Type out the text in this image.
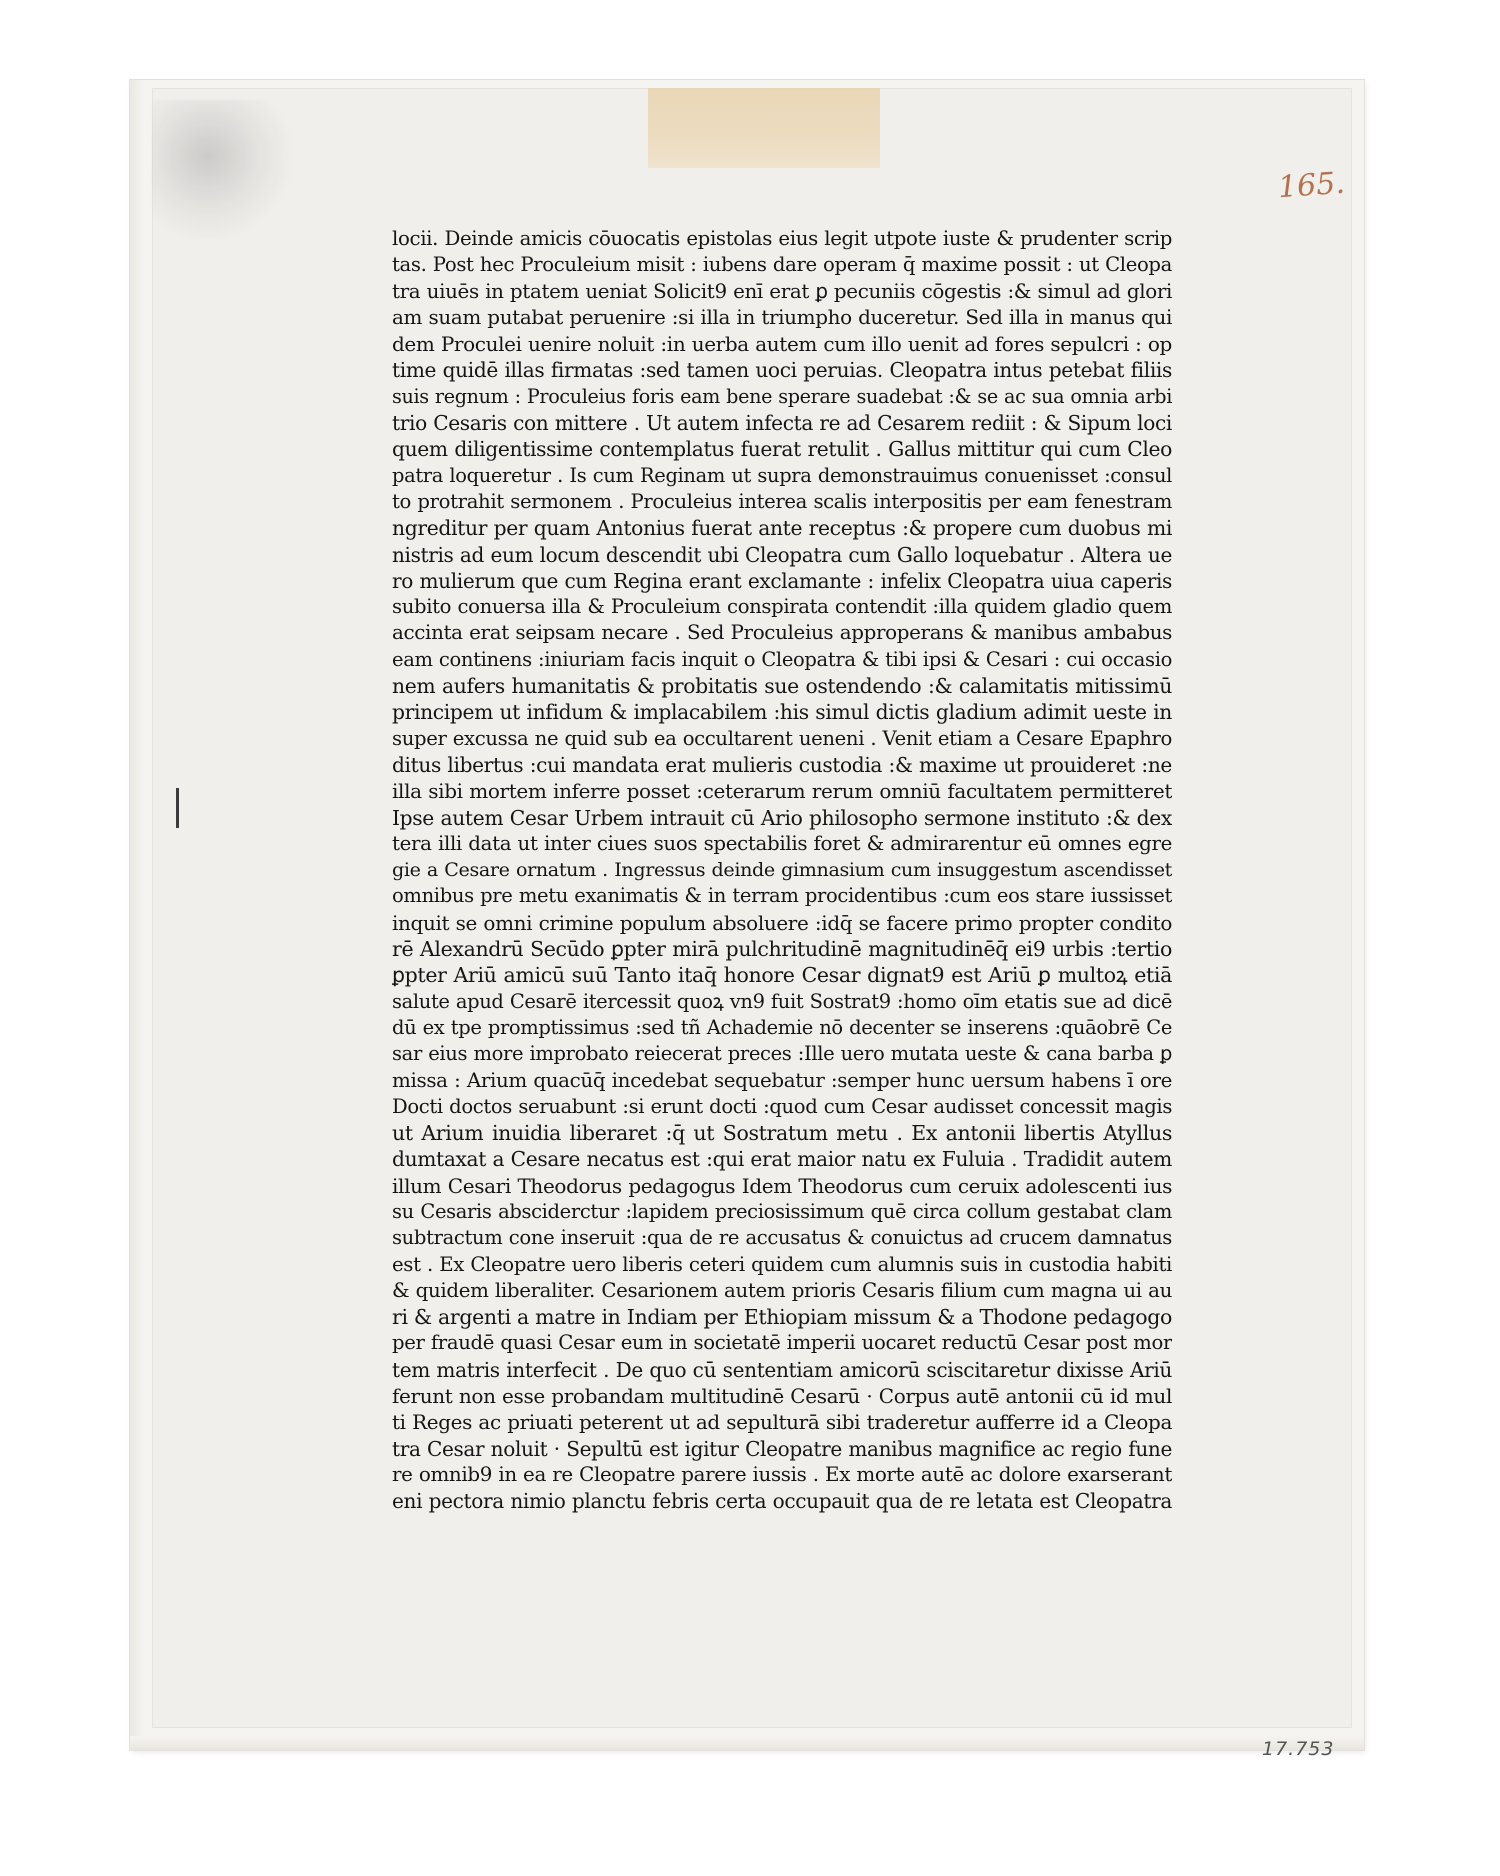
165.
17.753
locii. Deinde amicis cōuocatis epistolas eius legit utpote iuste & prudenter scrip
tas. Post hec Proculeium misit : iubens dare operam q̄ maxime possit : ut Cleopa
tra uiuēs in ptatem ueniat Solicit9 enī erat ꝑ pecuniis cōgestis :& simul ad glori
am suam putabat peruenire :si illa in triumpho duceretur. Sed illa in manus qui
dem Proculei uenire noluit :in uerba autem cum illo uenit ad fores sepulcri : op
time quidē illas firmatas :sed tamen uoci peruias. Cleopatra intus petebat filiis
suis regnum : Proculeius foris eam bene sperare suadebat :& se ac sua omnia arbi
trio Cesaris con mittere . Ut autem infecta re ad Cesarem rediit : & Sipum loci
quem diligentissime contemplatus fuerat retulit . Gallus mittitur qui cum Cleo
patra loqueretur . Is cum Reginam ut supra demonstrauimus conuenisset :consul
to protrahit sermonem . Proculeius interea scalis interpositis per eam fenestram
ngreditur per quam Antonius fuerat ante receptus :& propere cum duobus mi
nistris ad eum locum descendit ubi Cleopatra cum Gallo loquebatur . Altera ue
ro mulierum que cum Regina erant exclamante : infelix Cleopatra uiua caperis
subito conuersa illa & Proculeium conspirata contendit :illa quidem gladio quem
accinta erat seipsam necare . Sed Proculeius approperans & manibus ambabus
eam continens :iniuriam facis inquit o Cleopatra & tibi ipsi & Cesari : cui occasio
nem aufers humanitatis & probitatis sue ostendendo :& calamitatis mitissimū
principem ut infidum & implacabilem :his simul dictis gladium adimit ueste in
super excussa ne quid sub ea occultarent ueneni . Venit etiam a Cesare Epaphro
ditus libertus :cui mandata erat mulieris custodia :& maxime ut prouideret :ne
illa sibi mortem inferre posset :ceterarum rerum omniū facultatem permitteret
Ipse autem Cesar Urbem intrauit cū Ario philosopho sermone instituto :& dex
tera illi data ut inter ciues suos spectabilis foret & admirarentur eū omnes egre
gie a Cesare ornatum . Ingressus deinde gimnasium cum insuggestum ascendisset
omnibus pre metu exanimatis & in terram procidentibus :cum eos stare iussisset
inquit se omni crimine populum absoluere :idq̄ se facere primo propter condito
rē Alexandrū Secūdo ꝑpter mirā pulchritudinē magnitudinēq̄ ei9 urbis :tertio
ꝑpter Ariū amicū suū Tanto itaq̄ honore Cesar dignat9 est Ariū ꝑ multoꝝ etiā
salute apud Cesarē itercessit quoꝝ vn9 fuit Sostrat9 :homo oīm etatis sue ad dicē
dū ex tpe promptissimus :sed tñ Achademie nō decenter se inserens :quāobrē Ce
sar eius more improbato reiecerat preces :Ille uero mutata ueste & cana barba ꝑ
missa : Arium quacūq̄ incedebat sequebatur :semper hunc uersum habens ī ore
Docti doctos seruabunt :si erunt docti :quod cum Cesar audisset concessit magis
ut Arium inuidia liberaret :q̄ ut Sostratum metu . Ex antonii libertis Atyllus
dumtaxat a Cesare necatus est :qui erat maior natu ex Fuluia . Tradidit autem
illum Cesari Theodorus pedagogus Idem Theodorus cum ceruix adolescenti ius
su Cesaris absciderctur :lapidem preciosissimum quē circa collum gestabat clam
subtractum cone inseruit :qua de re accusatus & conuictus ad crucem damnatus
est . Ex Cleopatre uero liberis ceteri quidem cum alumnis suis in custodia habiti
& quidem liberaliter. Cesarionem autem prioris Cesaris filium cum magna ui au
ri & argenti a matre in Indiam per Ethiopiam missum & a Thodone pedagogo
per fraudē quasi Cesar eum in societatē imperii uocaret reductū Cesar post mor
tem matris interfecit . De quo cū sententiam amicorū sciscitaretur dixisse Ariū
ferunt non esse probandam multitudinē Cesarū · Corpus autē antonii cū id mul
ti Reges ac priuati peterent ut ad sepulturā sibi traderetur aufferre id a Cleopa
tra Cesar noluit · Sepultū est igitur Cleopatre manibus magnifice ac regio fune
re omnib9 in ea re Cleopatre parere iussis . Ex morte autē ac dolore exarserant
eni pectora nimio planctu febris certa occupauit qua de re letata est Cleopatra
